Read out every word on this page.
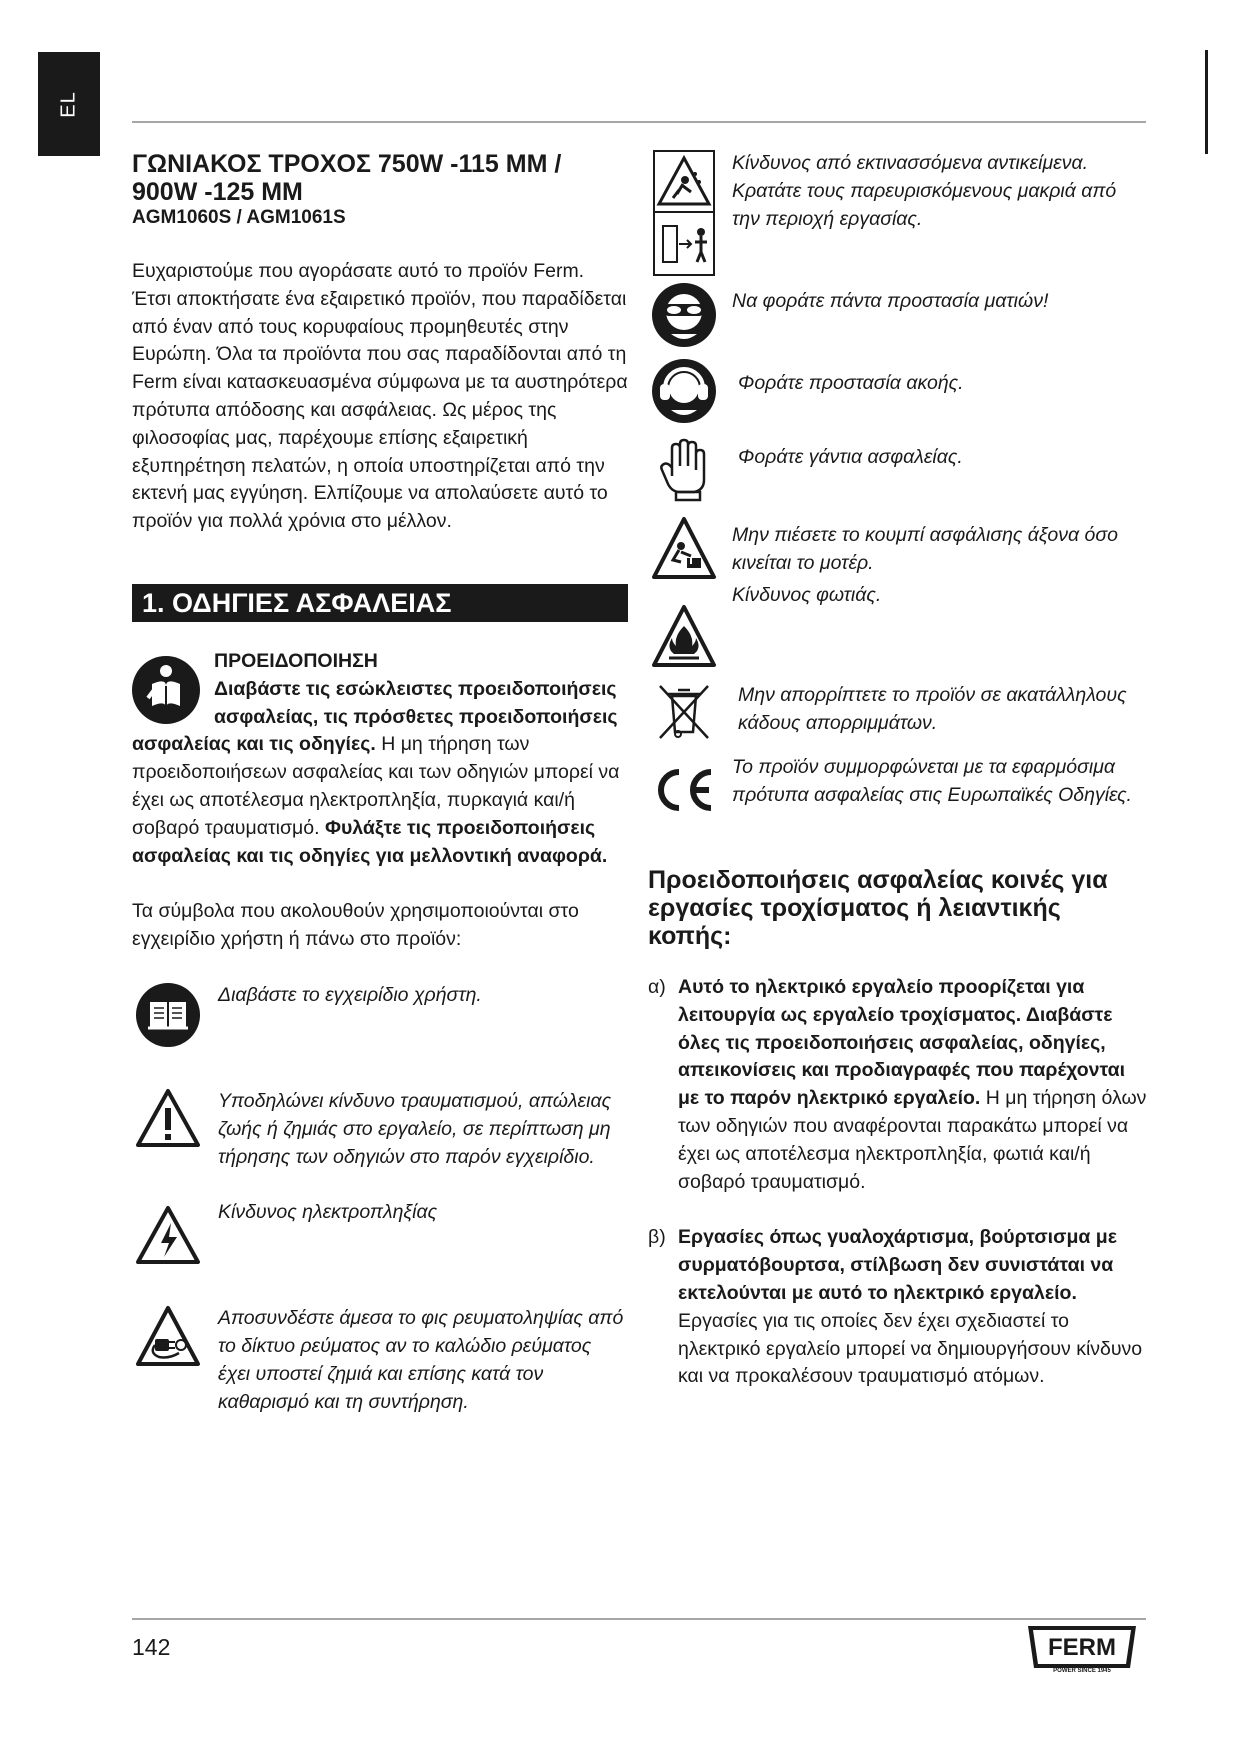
EL
ΓΩΝΙΑΚΟΣ ΤΡΟΧΟΣ 750W -115 MM / 900W -125 MM

AGM1060S / AGM1061S

Ευχαριστούμε που αγοράσατε αυτό το προϊόν Ferm. Έτσι αποκτήσατε ένα εξαιρετικό προϊόν, που παραδίδεται από έναν από τους κορυφαίους προμηθευτές στην Ευρώπη. Όλα τα προϊόντα που σας παραδίδονται από τη Ferm είναι κατασκευασμένα σύμφωνα με τα αυστηρότερα πρότυπα απόδοσης και ασφάλειας. Ως μέρος της φιλοσοφίας μας, παρέχουμε επίσης εξαιρετική εξυπηρέτηση πελατών, η οποία υποστηρίζεται από την εκτενή μας εγγύηση. Ελπίζουμε να απολαύσετε αυτό το προϊόν για πολλά χρόνια στο μέλλον.

1. ΟΔΗΓΙΕΣ ΑΣΦΑΛΕΙΑΣ
ΠΡΟΕΙΔΟΠΟΙΗΣΗ
Διαβάστε τις εσώκλειστες προειδοποιήσεις ασφαλείας, τις πρόσθετες προειδοποιήσεις ασφαλείας και τις οδηγίες. Η μη τήρηση των προειδοποιήσεων ασφαλείας και των οδηγιών μπορεί να έχει ως αποτέλεσμα ηλεκτροπληξία, πυρκαγιά και/ή σοβαρό τραυματισμό. Φυλάξτε τις προειδοποιήσεις ασφαλείας και τις οδηγίες για μελλοντική αναφορά.

Τα σύμβολα που ακολουθούν χρησιμοποιούνται στο εγχειρίδιο χρήστη ή πάνω στο προϊόν:

Διαβάστε το εγχειρίδιο χρήστη.

Υποδηλώνει κίνδυνο τραυματισμού, απώλειας ζωής ή ζημιάς στο εργαλείο, σε περίπτωση μη τήρησης των οδηγιών στο παρόν εγχειρίδιο.

Κίνδυνος ηλεκτροπληξίας

Αποσυνδέστε άμεσα το φις ρευματοληψίας από το δίκτυο ρεύματος αν το καλώδιο ρεύματος έχει υποστεί ζημιά και επίσης κατά τον καθαρισμό και τη συντήρηση.

Κίνδυνος από εκτινασσόμενα αντικείμενα. Κρατάτε τους παρευρισκόμενους μακριά από την περιοχή εργασίας.

Να φοράτε πάντα προστασία ματιών!

Φοράτε προστασία ακοής.

Φοράτε γάντια ασφαλείας.

Μην πιέσετε το κουμπί ασφάλισης άξονα όσο κινείται το μοτέρ.

Κίνδυνος φωτιάς.

Μην απορρίπτετε το προϊόν σε ακατάλληλους κάδους απορριμμάτων.

Το προϊόν συμμορφώνεται με τα εφαρμόσιμα πρότυπα ασφαλείας στις Ευρωπαϊκές Οδηγίες.

Προειδοποιήσεις ασφαλείας κοινές για εργασίες τροχίσματος ή λειαντικής κοπής:
α) Αυτό το ηλεκτρικό εργαλείο προορίζεται για λειτουργία ως εργαλείο τροχίσματος. Διαβάστε όλες τις προειδοποιήσεις ασφαλείας, οδηγίες, απεικονίσεις και προδιαγραφές που παρέχονται με το παρόν ηλεκτρικό εργαλείο. Η μη τήρηση όλων των οδηγιών που αναφέρονται παρακάτω μπορεί να έχει ως αποτέλεσμα ηλεκτροπληξία, φωτιά και/ή σοβαρό τραυματισμό.

β) Εργασίες όπως γυαλοχάρτισμα, βούρτσισμα με συρματόβουρτσα, στίλβωση δεν συνιστάται να εκτελούνται με αυτό το ηλεκτρικό εργαλείο. Εργασίες για τις οποίες δεν έχει σχεδιαστεί το ηλεκτρικό εργαλείο μπορεί να δημιουργήσουν κίνδυνο και να προκαλέσουν τραυματισμό ατόμων.

142	FERM
POWER SINCE 1945
